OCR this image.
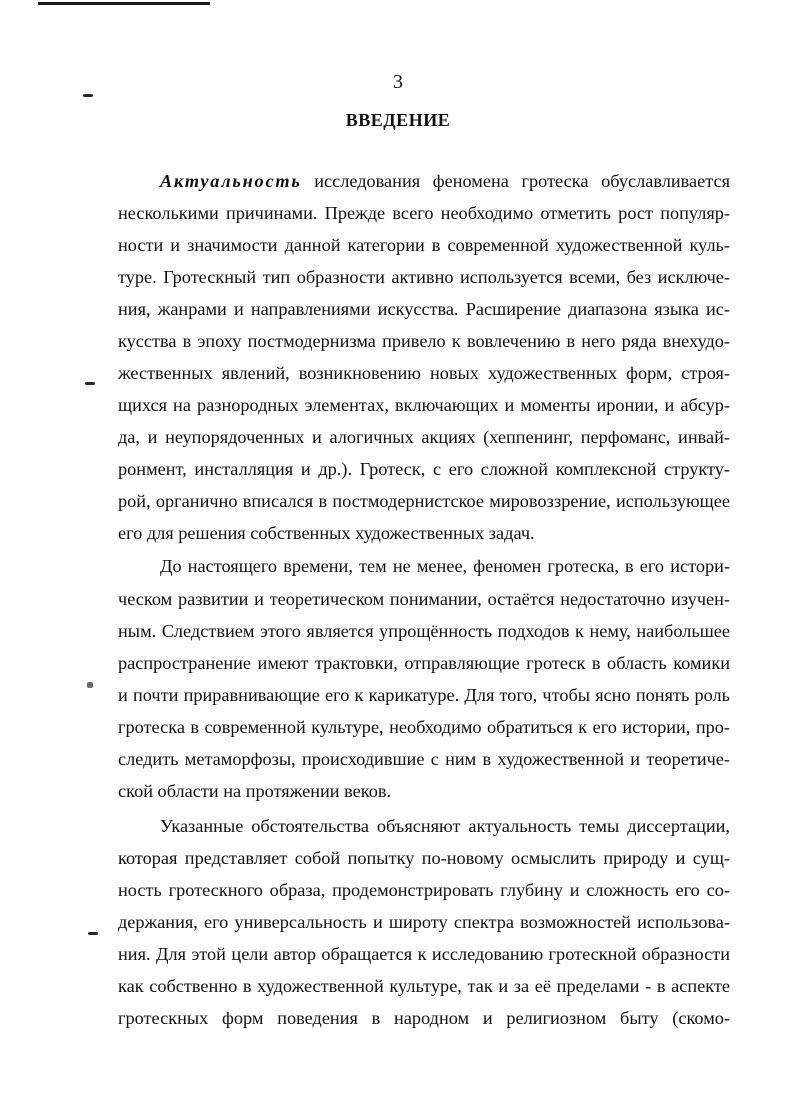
3
ВВЕДЕНИЕ
Актуальность исследования феномена гротеска обуславливается
несколькими причинами. Прежде всего необходимо отметить рост популяр-
ности и значимости данной категории в современной художественной куль-
туре. Гротескный тип образности активно используется всеми, без исключе-
ния, жанрами и направлениями искусства. Расширение диапазона языка ис-
кусства в эпоху постмодернизма привело к вовлечению в него ряда внехудо-
жественных явлений, возникновению новых художественных форм, строя-
щихся на разнородных элементах, включающих и моменты иронии, и абсур-
да, и неупорядоченных и алогичных акциях (хеппенинг, перфоманс, инвай-
ронмент, инсталляция и др.). Гротеск, с его сложной комплексной структу-
рой, органично вписался в постмодернистское мировоззрение, использующее
его для решения собственных художественных задач.
До настоящего времени, тем не менее, феномен гротеска, в его истори-
ческом развитии и теоретическом понимании, остаётся недостаточно изучен-
ным. Следствием этого является упрощённость подходов к нему, наибольшее
распространение имеют трактовки, отправляющие гротеск в область комики
и почти приравнивающие его к карикатуре. Для того, чтобы ясно понять роль
гротеска в современной культуре, необходимо обратиться к его истории, про-
следить метаморфозы, происходившие с ним в художественной и теоретиче-
ской области на протяжении веков.
Указанные обстоятельства объясняют актуальность темы диссертации,
которая представляет собой попытку по-новому осмыслить природу и сущ-
ность гротескного образа, продемонстрировать глубину и сложность его со-
держания, его универсальность и широту спектра возможностей использова-
ния. Для этой цели автор обращается к исследованию гротескной образности
как собственно в художественной культуре, так и за её пределами - в аспекте
гротескных форм поведения в народном и религиозном быту (скомо-
